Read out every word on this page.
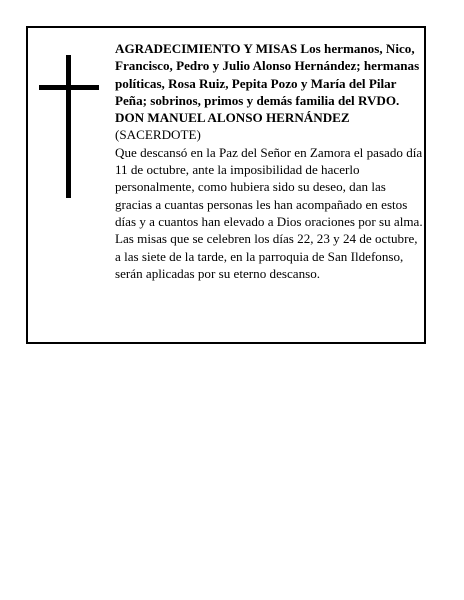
AGRADECIMIENTO Y MISAS Los hermanos, Nico, Francisco, Pedro y Julio Alonso Hernández; hermanas políticas, Rosa Ruiz, Pepita Pozo y María del Pilar Peña; sobrinos, primos y demás familia del RVDO. DON MANUEL ALONSO HERNÁNDEZ

(SACERDOTE)

Que descansó en la Paz del Señor en Zamora el pasado día 11 de octubre, ante la imposibilidad de hacerlo personalmente, como hubiera sido su deseo, dan las gracias a cuantas personas les han acompañado en estos días y a cuantos han elevado a Dios oraciones por su alma.

Las misas que se celebren los días 22, 23 y 24 de octubre, a las siete de la tarde, en la parroquia de San Ildefonso, serán aplicadas por su eterno descanso.
